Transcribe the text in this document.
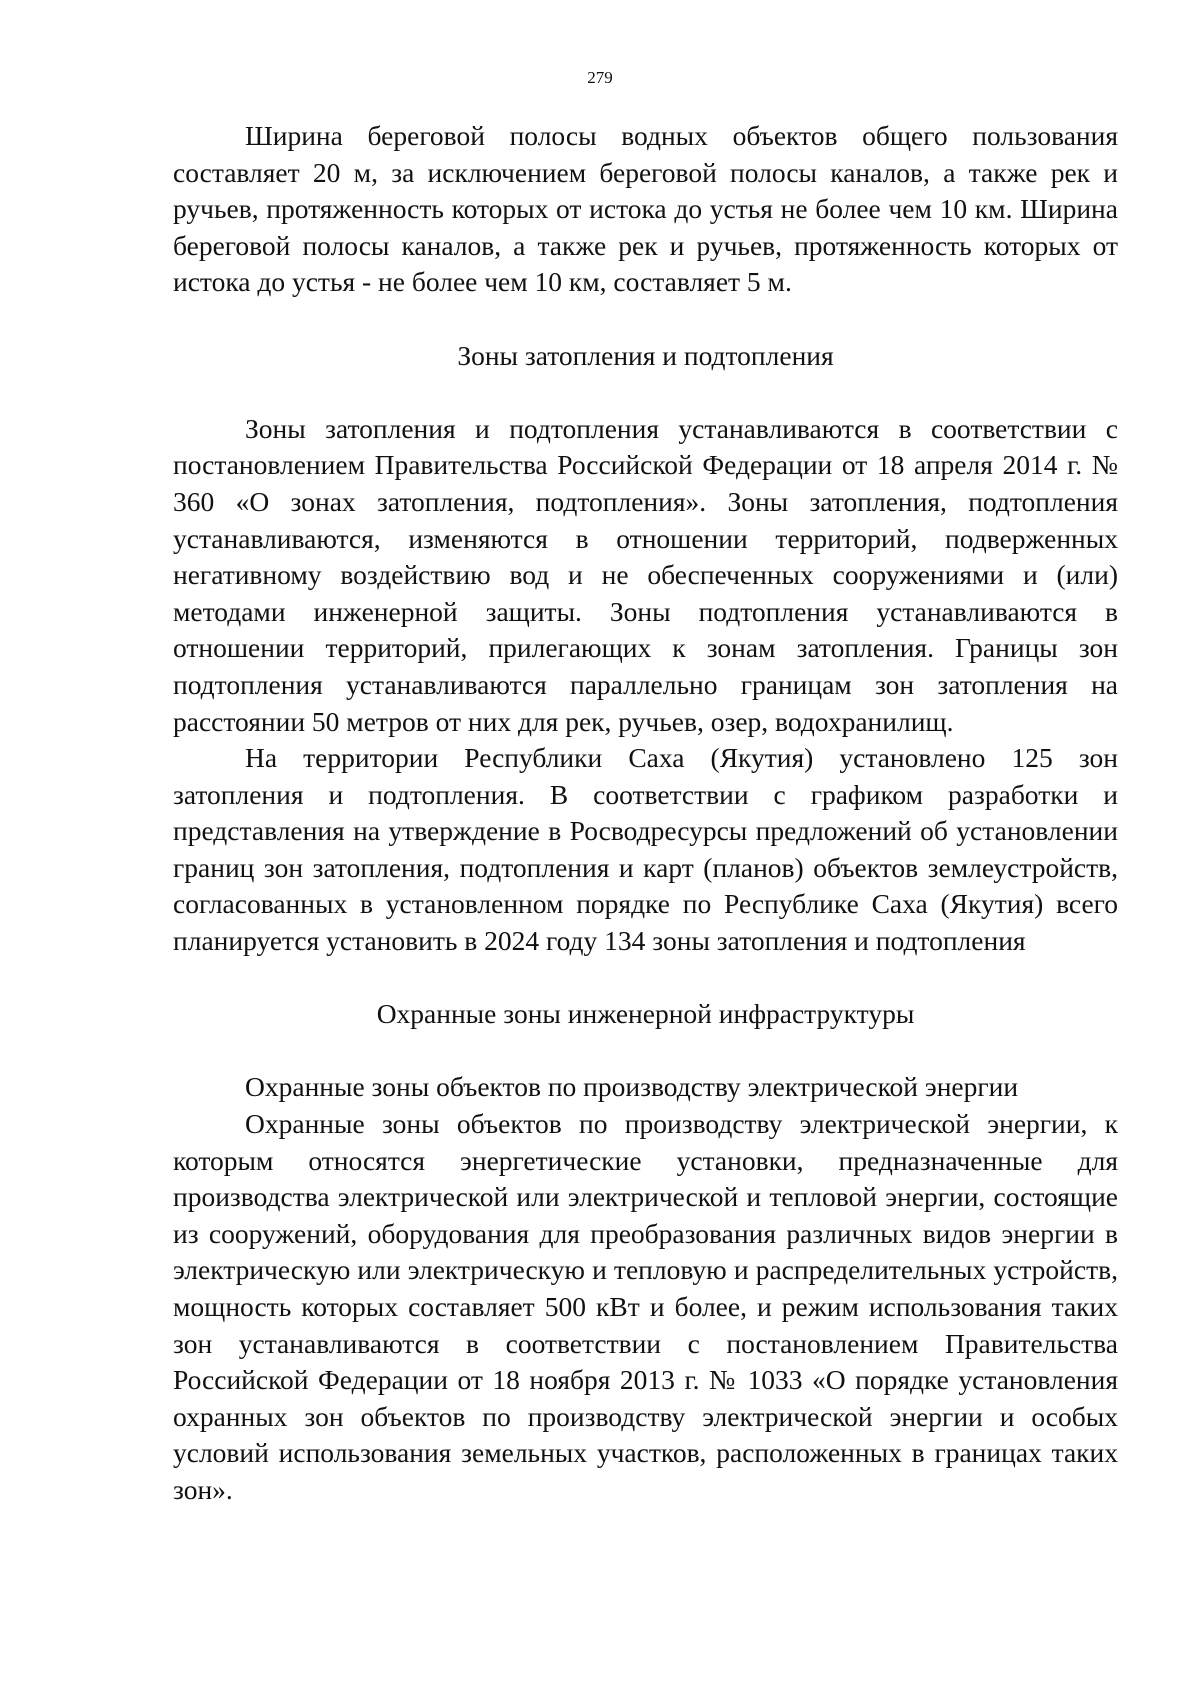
279

Ширина береговой полосы водных объектов общего пользования составляет 20 м, за исключением береговой полосы каналов, а также рек и ручьев, протяженность которых от истока до устья не более чем 10 км. Ширина береговой полосы каналов, а также рек и ручьев, протяженность которых от истока до устья - не более чем 10 км, составляет 5 м.

Зоны затопления и подтопления

Зоны затопления и подтопления устанавливаются в соответствии с постановлением Правительства Российской Федерации от 18 апреля 2014 г. № 360 «О зонах затопления, подтопления». Зоны затопления, подтопления устанавливаются, изменяются в отношении территорий, подверженных негативному воздействию вод и не обеспеченных сооружениями и (или) методами инженерной защиты. Зоны подтопления устанавливаются в отношении территорий, прилегающих к зонам затопления. Границы зон подтопления устанавливаются параллельно границам зон затопления на расстоянии 50 метров от них для рек, ручьев, озер, водохранилищ.

На территории Республики Саха (Якутия) установлено 125 зон затопления и подтопления. В соответствии с графиком разработки и представления на утверждение в Росводресурсы предложений об установлении границ зон затопления, подтопления и карт (планов) объектов землеустройств, согласованных в установленном порядке по Республике Саха (Якутия) всего планируется установить в 2024 году 134 зоны затопления и подтопления

Охранные зоны инженерной инфраструктуры

Охранные зоны объектов по производству электрической энергии

Охранные зоны объектов по производству электрической энергии, к которым относятся энергетические установки, предназначенные для производства электрической или электрической и тепловой энергии, состоящие из сооружений, оборудования для преобразования различных видов энергии в электрическую или электрическую и тепловую и распределительных устройств, мощность которых составляет 500 кВт и более, и режим использования таких зон устанавливаются в соответствии с постановлением Правительства Российской Федерации от 18 ноября 2013 г. № 1033 «О порядке установления охранных зон объектов по производству электрической энергии и особых условий использования земельных участков, расположенных в границах таких зон».
